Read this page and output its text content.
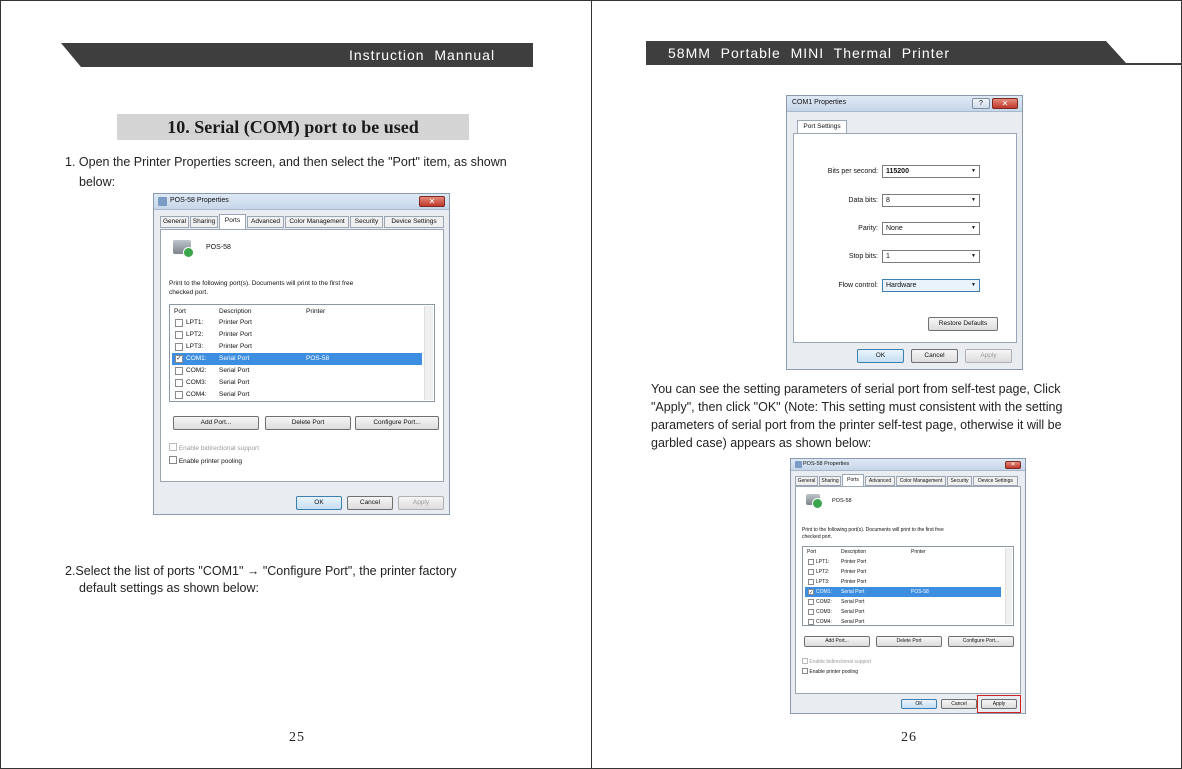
Instruction  Mannual
10. Serial (COM) port to be used
1. Open the Printer Properties screen, and then select the "Port" item, as shown
below:
POS-58 Properties	✕
General	Sharing	Ports	Advanced	Color Management	Security	Device Settings
POS-58
Print to the following port(s). Documents will print to the first free
checked port.
Port	Description	Printer
LPT1: Printer Port
LPT2: Printer Port
LPT3: Printer Port
✓ COM1: Serial Port	POS-58
COM2: Serial Port
COM3: Serial Port
COM4: Serial Port
Add Port...	Delete Port	Configure Port...
Enable bidirectional support
Enable printer pooling
OK	Cancel	Apply
2.Select the list of ports "COM1" → "Configure Port", the printer factory
default settings as shown below:
25
58MM  Portable  MINI  Thermal  Printer
COM1 Properties	?	✕
Port Settings
Bits per second:	115200 ▼
Data bits:	8 ▼
Parity:	None ▼
Stop bits:	1 ▼
Flow control:	Hardware ▼
Restore Defaults
OK	Cancel	Apply
You can see the setting parameters of serial port from self-test page, Click
"Apply", then click "OK" (Note: This setting must consistent with the setting
parameters of serial port from the printer self-test page, otherwise it will be
garbled case) appears as shown below:
POS-58 Properties	✕
General	Sharing	Ports	Advanced	Color Management	Security	Device Settings
POS-58
Print to the following port(s). Documents will print to the first free
checked port.
Port	Description	Printer
LPT1: Printer Port
LPT2: Printer Port
LPT3: Printer Port
✓ COM1: Serial Port	POS-58
COM2: Serial Port
COM3: Serial Port
COM4: Serial Port
Add Port...	Delete Port	Configure Port...
Enable bidirectional support
Enable printer pooling
OK	Cancel	Apply
26
